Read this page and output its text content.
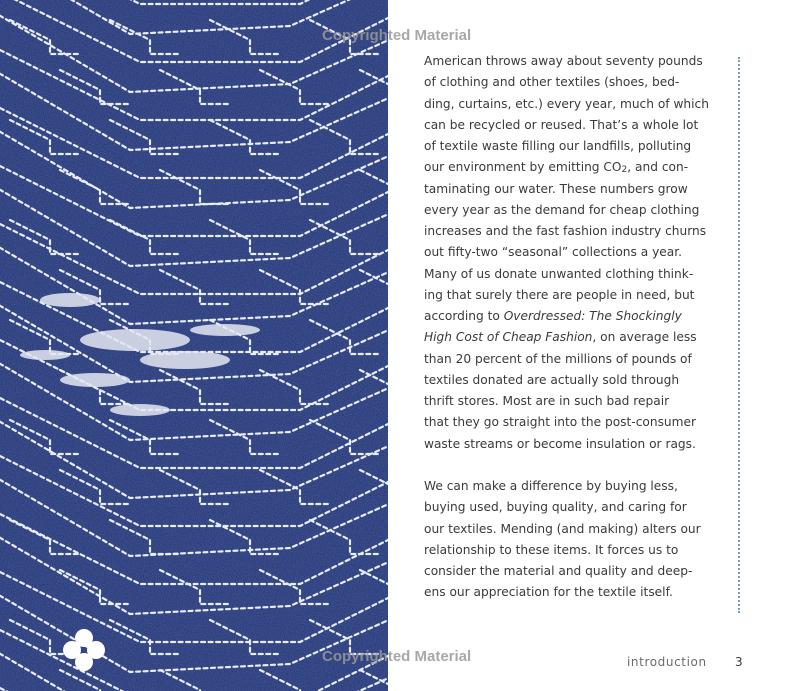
Copyrighted Material
American throws away about seventy pounds
of clothing and other textiles (shoes, bed-
ding, curtains, etc.) every year, much of which
can be recycled or reused. That’s a whole lot
of textile waste filling our landfills, polluting
our environment by emitting $CO_2$, and con-
taminating our water. These numbers grow
every year as the demand for cheap clothing
increases and the fast fashion industry churns
out fifty-two “seasonal” collections a year.
Many of us donate unwanted clothing think-
ing that surely there are people in need, but
according to Overdressed: The Shockingly
High Cost of Cheap Fashion, on average less
than 20 percent of the millions of pounds of
textiles donated are actually sold through
thrift stores. Most are in such bad repair
that they go straight into the post-consumer
waste streams or become insulation or rags.
We can make a difference by buying less,
buying used, buying quality, and caring for
our textiles. Mending (and making) alters our
relationship to these items. It forces us to
consider the material and quality and deep-
ens our appreciation for the textile itself.
Copyrighted Material	introduction 3
